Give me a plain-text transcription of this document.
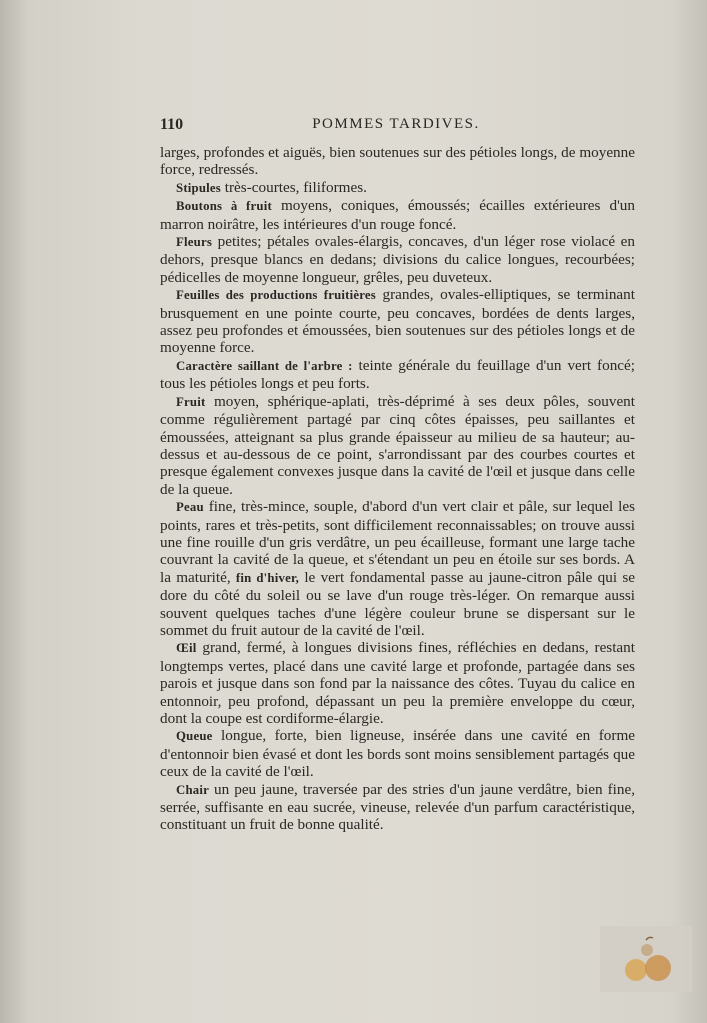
110	POMMES TARDIVES.

larges, profondes et aiguës, bien soutenues sur des pétioles longs, de moyenne force, redressés.

Stipules très-courtes, filiformes.

Boutons à fruit moyens, coniques, émoussés; écailles extérieures d'un marron noirâtre, les intérieures d'un rouge foncé.

Fleurs petites; pétales ovales-élargis, concaves, d'un léger rose violacé en dehors, presque blancs en dedans; divisions du calice longues, recourbées; pédicelles de moyenne longueur, grêles, peu duveteux.

Feuilles des productions fruitières grandes, ovales-elliptiques, se terminant brusquement en une pointe courte, peu concaves, bordées de dents larges, assez peu profondes et émoussées, bien soutenues sur des pétioles longs et de moyenne force.

Caractère saillant de l'arbre : teinte générale du feuillage d'un vert foncé; tous les pétioles longs et peu forts.

Fruit moyen, sphérique-aplati, très-déprimé à ses deux pôles, souvent comme régulièrement partagé par cinq côtes épaisses, peu saillantes et émoussées, atteignant sa plus grande épaisseur au milieu de sa hauteur; au-dessus et au-dessous de ce point, s'arrondissant par des courbes courtes et presque également convexes jusque dans la cavité de l'œil et jusque dans celle de la queue.

Peau fine, très-mince, souple, d'abord d'un vert clair et pâle, sur lequel les points, rares et très-petits, sont difficilement reconnaissables; on trouve aussi une fine rouille d'un gris verdâtre, un peu écailleuse, formant une large tache couvrant la cavité de la queue, et s'étendant un peu en étoile sur ses bords. A la maturité, fin d'hiver, le vert fondamental passe au jaune-citron pâle qui se dore du côté du soleil ou se lave d'un rouge très-léger. On remarque aussi souvent quelques taches d'une légère couleur brune se dispersant sur le sommet du fruit autour de la cavité de l'œil.

Œil grand, fermé, à longues divisions fines, réfléchies en dedans, restant longtemps vertes, placé dans une cavité large et profonde, partagée dans ses parois et jusque dans son fond par la naissance des côtes. Tuyau du calice en entonnoir, peu profond, dépassant un peu la première enveloppe du cœur, dont la coupe est cordiforme-élargie.

Queue longue, forte, bien ligneuse, insérée dans une cavité en forme d'entonnoir bien évasé et dont les bords sont moins sensiblement partagés que ceux de la cavité de l'œil.

Chair un peu jaune, traversée par des stries d'un jaune verdâtre, bien fine, serrée, suffisante en eau sucrée, vineuse, relevée d'un parfum caractéristique, constituant un fruit de bonne qualité.
